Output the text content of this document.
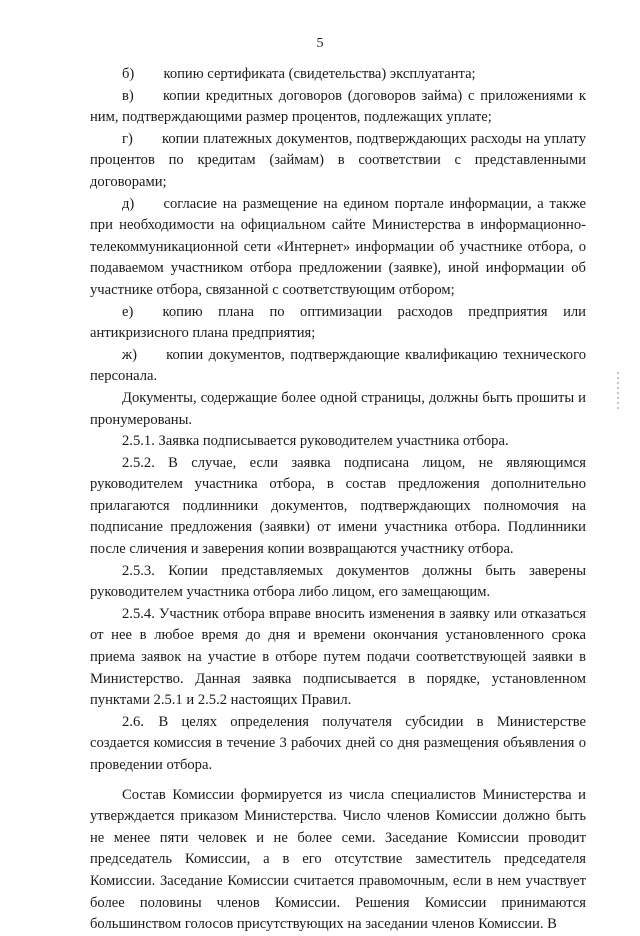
5

б)  копию сертификата (свидетельства) эксплуатанта;

в)  копии кредитных договоров (договоров займа) с приложениями к ним, подтверждающими размер процентов, подлежащих уплате;

г)  копии платежных документов, подтверждающих расходы на уплату процентов по кредитам (займам) в соответствии с представленными договорами;

д)  согласие на размещение на едином портале информации, а также при необходимости на официальном сайте Министерства в информационно-телекоммуникационной сети «Интернет» информации об участнике отбора, о подаваемом участником отбора предложении (заявке), иной информации об участнике отбора, связанной с соответствующим отбором;

е)  копию плана по оптимизации расходов предприятия или антикризисного плана предприятия;

ж)  копии документов, подтверждающие квалификацию технического персонала.

Документы, содержащие более одной страницы, должны быть прошиты и пронумерованы.

2.5.1. Заявка подписывается руководителем участника отбора.

2.5.2. В случае, если заявка подписана лицом, не являющимся руководителем участника отбора, в состав предложения дополнительно прилагаются подлинники документов, подтверждающих полномочия на подписание предложения (заявки) от имени участника отбора. Подлинники после сличения и заверения копии возвращаются участнику отбора.

2.5.3. Копии представляемых документов должны быть заверены руководителем участника отбора либо лицом, его замещающим.

2.5.4. Участник отбора вправе вносить изменения в заявку или отказаться от нее в любое время до дня и времени окончания установленного срока приема заявок на участие в отборе путем подачи соответствующей заявки в Министерство. Данная заявка подписывается в порядке, установленном пунктами 2.5.1 и 2.5.2 настоящих Правил.

2.6. В целях определения получателя субсидии в Министерстве создается комиссия в течение 3 рабочих дней со дня размещения объявления о проведении отбора.

Состав Комиссии формируется из числа специалистов Министерства и утверждается приказом Министерства. Число членов Комиссии должно быть не менее пяти человек и не более семи. Заседание Комиссии проводит председатель Комиссии, а в его отсутствие заместитель председателя Комиссии. Заседание Комиссии считается правомочным, если в нем участвует более половины членов Комиссии. Решения Комиссии принимаются большинством голосов присутствующих на заседании членов Комиссии. В
